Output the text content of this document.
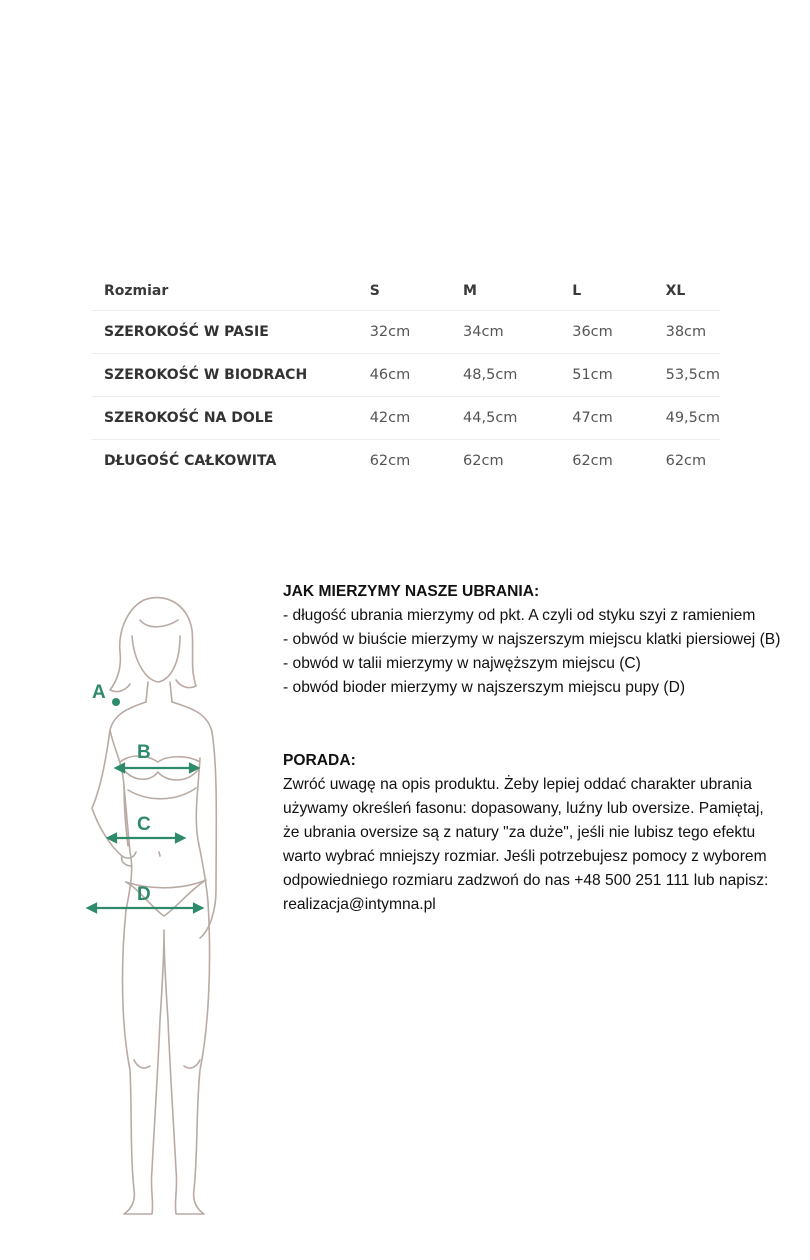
Rozmiar	S	M	L	XL
SZEROKOŚĆ W PASIE	32cm	34cm	36cm	38cm
SZEROKOŚĆ W BIODRACH	46cm	48,5cm	51cm	53,5cm
SZEROKOŚĆ NA DOLE	42cm	44,5cm	47cm	49,5cm
DŁUGOŚĆ CAŁKOWITA	62cm	62cm	62cm	62cm
A
B
C
D

JAK MIERZYMY NASZE UBRANIA:

- długość ubrania mierzymy od pkt. A czyli od styku szyi z ramieniem

- obwód w biuście mierzymy w najszerszym miejscu klatki piersiowej (B)

- obwód w talii mierzymy w najwęższym miejscu (C)

- obwód bioder mierzymy w najszerszym miejscu pupy (D)

PORADA:

Zwróć uwagę na opis produktu. Żeby lepiej oddać charakter ubrania używamy określeń fasonu: dopasowany, luźny lub oversize. Pamiętaj, że ubrania oversize są z natury "za duże", jeśli nie lubisz tego efektu warto wybrać mniejszy rozmiar. Jeśli potrzebujesz pomocy z wyborem odpowiedniego rozmiaru zadzwoń do nas +48 500 251 111 lub napisz: realizacja@intymna.pl
